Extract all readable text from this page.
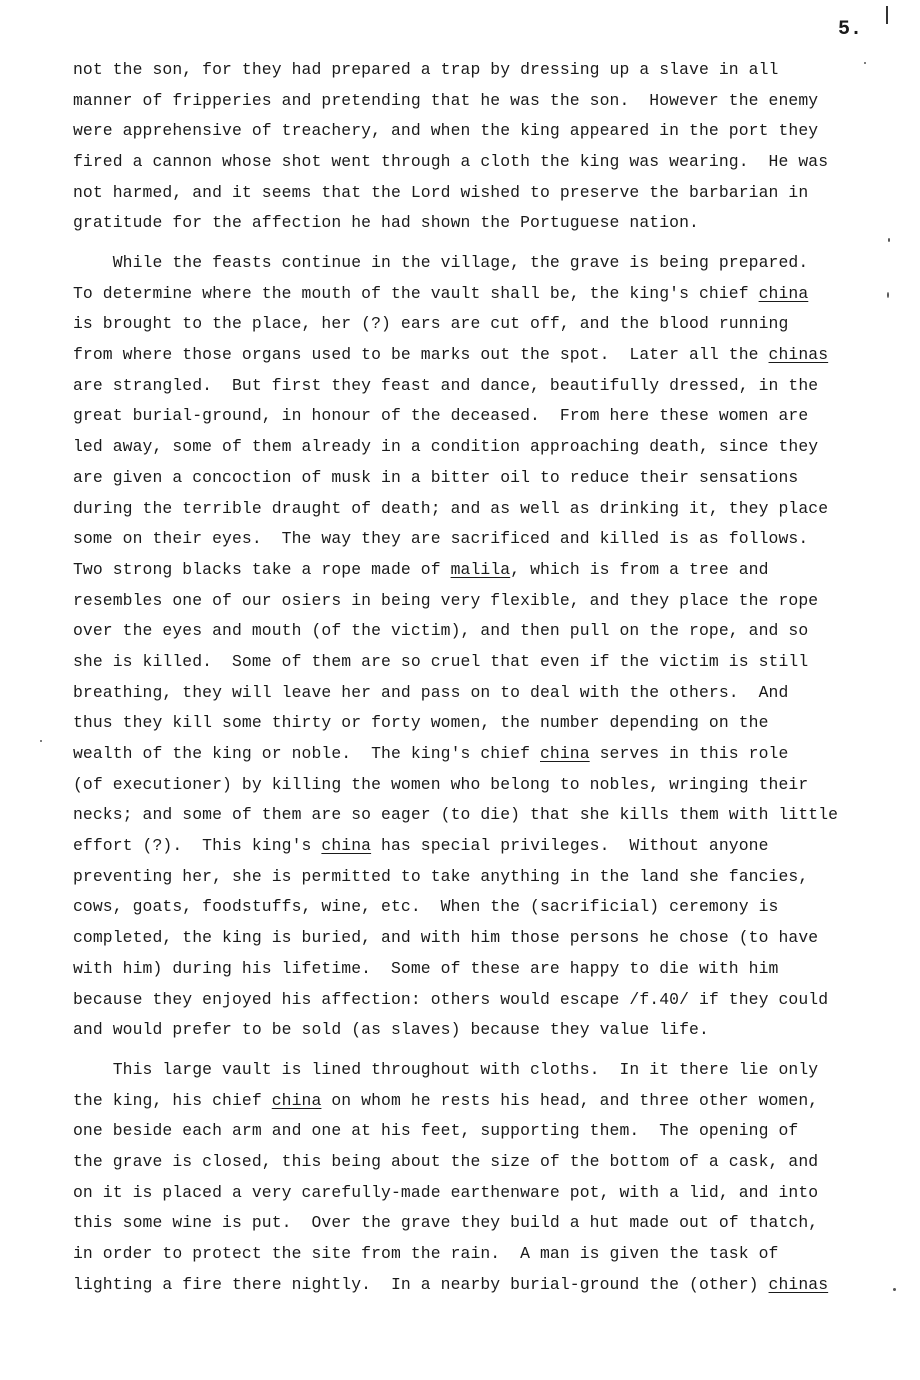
5.
not the son, for they had prepared a trap by dressing up a slave in all
manner of fripperies and pretending that he was the son.  However the enemy
were apprehensive of treachery, and when the king appeared in the port they
fired a cannon whose shot went through a cloth the king was wearing.  He was
not harmed, and it seems that the Lord wished to preserve the barbarian in
gratitude for the affection he had shown the Portuguese nation.
While the feasts continue in the village, the grave is being prepared.
To determine where the mouth of the vault shall be, the king's chief china
is brought to the place, her (?) ears are cut off, and the blood running
from where those organs used to be marks out the spot.  Later all the chinas
are strangled.  But first they feast and dance, beautifully dressed, in the
great burial-ground, in honour of the deceased.  From here these women are
led away, some of them already in a condition approaching death, since they
are given a concoction of musk in a bitter oil to reduce their sensations
during the terrible draught of death; and as well as drinking it, they place
some on their eyes.  The way they are sacrificed and killed is as follows.
Two strong blacks take a rope made of malila, which is from a tree and
resembles one of our osiers in being very flexible, and they place the rope
over the eyes and mouth (of the victim), and then pull on the rope, and so
she is killed.  Some of them are so cruel that even if the victim is still
breathing, they will leave her and pass on to deal with the others.  And
thus they kill some thirty or forty women, the number depending on the
wealth of the king or noble.  The king's chief china serves in this role
(of executioner) by killing the women who belong to nobles, wringing their
necks; and some of them are so eager (to die) that she kills them with little
effort (?).  This king's china has special privileges.  Without anyone
preventing her, she is permitted to take anything in the land she fancies,
cows, goats, foodstuffs, wine, etc.  When the (sacrificial) ceremony is
completed, the king is buried, and with him those persons he chose (to have
with him) during his lifetime.  Some of these are happy to die with him
because they enjoyed his affection: others would escape /f.40/ if they could
and would prefer to be sold (as slaves) because they value life.
This large vault is lined throughout with cloths.  In it there lie only
the king, his chief china on whom he rests his head, and three other women,
one beside each arm and one at his feet, supporting them.  The opening of
the grave is closed, this being about the size of the bottom of a cask, and
on it is placed a very carefully-made earthenware pot, with a lid, and into
this some wine is put.  Over the grave they build a hut made out of thatch,
in order to protect the site from the rain.  A man is given the task of
lighting a fire there nightly.  In a nearby burial-ground the (other) chinas
